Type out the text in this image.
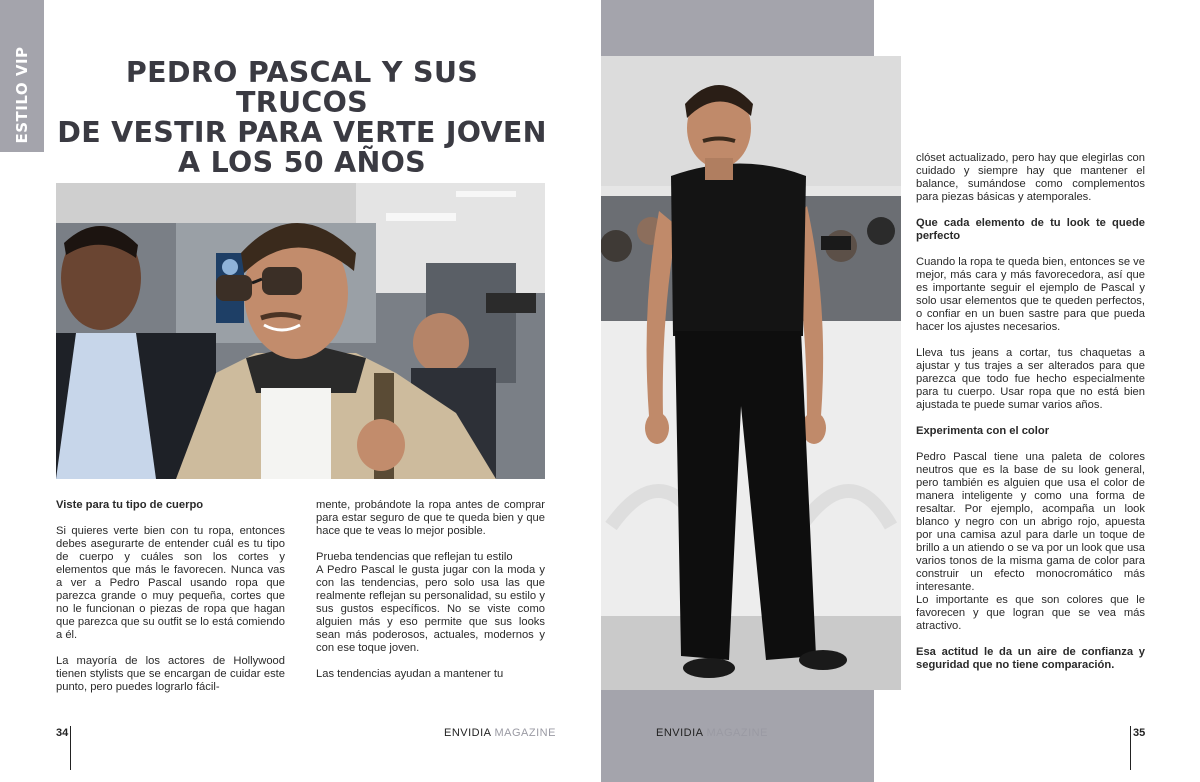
ESTILO VIP	PEDRO PASCAL Y SUS TRUCOS
DE VESTIR PARA VERTE JOVEN
A LOS 50 AÑOS
Viste para tu tipo de cuerpo

Si quieres verte bien con tu ropa, entonces debes asegurarte de entender cuál es tu tipo de cuerpo y cuáles son los cortes y elementos que más le favorecen. Nunca vas a ver a Pedro Pascal usando ropa que parezca grande o muy pequeña, cortes que no le funcionan o piezas de ropa que hagan que parezca que su outfit se lo está comiendo a él.

La mayoría de los actores de Hollywood tienen stylists que se encargan de cuidar este punto, pero puedes lograrlo fácil-

mente, probándote la ropa antes de comprar para estar seguro de que te queda bien y que hace que te veas lo mejor posible.

Prueba tendencias que reflejan tu estilo

A Pedro Pascal le gusta jugar con la moda y con las tendencias, pero solo usa las que realmente reflejan su personalidad, su estilo y sus gustos específicos. No se viste como alguien más y eso permite que sus looks sean más poderosos, actuales, modernos y con ese toque joven.

Las tendencias ayudan a mantener tu

clóset actualizado, pero hay que elegirlas con cuidado y siempre hay que mantener el balance, sumándose como complementos para piezas básicas y atemporales.

Que cada elemento de tu look te quede perfecto

Cuando la ropa te queda bien, entonces se ve mejor, más cara y más favorecedora, así que es importante seguir el ejemplo de Pascal y solo usar elementos que te queden perfectos, o confiar en un buen sastre para que pueda hacer los ajustes necesarios.

Lleva tus jeans a cortar, tus chaquetas a ajustar y tus trajes a ser alterados para que parezca que todo fue hecho especialmente para tu cuerpo. Usar ropa que no está bien ajustada te puede sumar varios años.

Experimenta con el color

Pedro Pascal tiene una paleta de colores neutros que es la base de su look general, pero también es alguien que usa el color de manera inteligente y como una forma de resaltar. Por ejemplo, acompaña un look blanco y negro con un abrigo rojo, apuesta por una camisa azul para darle un toque de brillo a un atiendo o se va por un look que usa varios tonos de la misma gama de color para construir un efecto monocromático más interesante.

Lo importante es que son colores que le favorecen y que logran que se vea más atractivo.

Esa actitud le da un aire de confianza y seguridad que no tiene comparación.
34	ENVIDIA MAGAZINE	ENVIDIA MAGAZINE	35
